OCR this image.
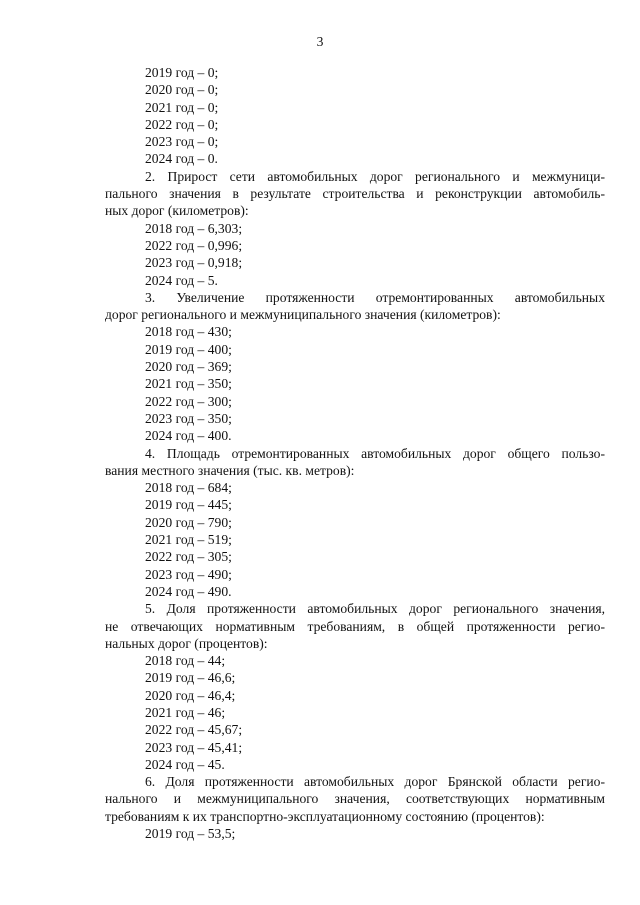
3
2019 год – 0;
2020 год – 0;
2021 год – 0;
2022 год – 0;
2023 год – 0;
2024 год – 0.
2. Прирост сети автомобильных дорог регионального и межмуници-
пального значения в результате строительства и реконструкции автомобиль-
ных дорог (километров):
2018 год – 6,303;
2022 год – 0,996;
2023 год – 0,918;
2024 год – 5.
3. Увеличение протяженности отремонтированных автомобильных
дорог регионального и межмуниципального значения (километров):
2018 год – 430;
2019 год – 400;
2020 год – 369;
2021 год – 350;
2022 год – 300;
2023 год – 350;
2024 год – 400.
4. Площадь отремонтированных автомобильных дорог общего пользо-
вания местного значения (тыс. кв. метров):
2018 год – 684;
2019 год – 445;
2020 год – 790;
2021 год – 519;
2022 год – 305;
2023 год – 490;
2024 год – 490.
5. Доля протяженности автомобильных дорог регионального значения,
не отвечающих нормативным требованиям, в общей протяженности регио-
нальных дорог (процентов):
2018 год – 44;
2019 год – 46,6;
2020 год – 46,4;
2021 год – 46;
2022 год – 45,67;
2023 год – 45,41;
2024 год – 45.
6. Доля протяженности автомобильных дорог Брянской области регио-
нального и межмуниципального значения, соответствующих нормативным
требованиям к их транспортно-эксплуатационному состоянию (процентов):
2019 год – 53,5;
